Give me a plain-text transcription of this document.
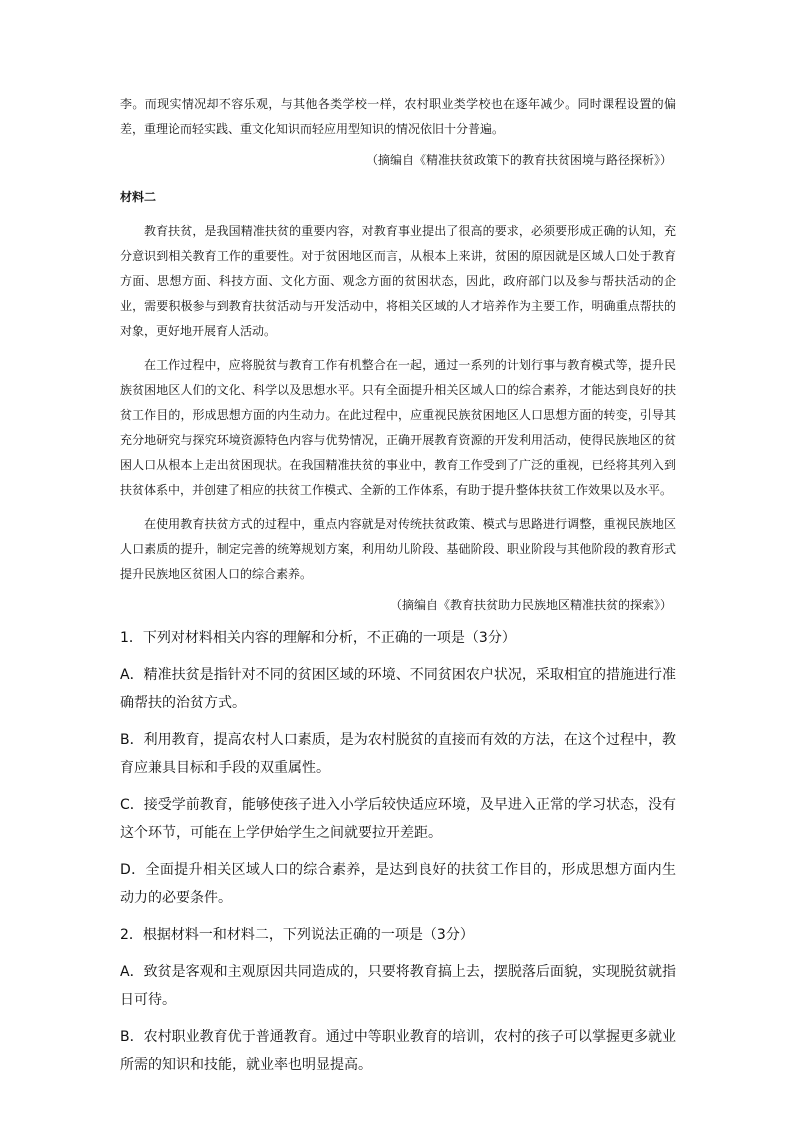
李。而现实情况却不容乐观，与其他各类学校一样，农村职业类学校也在逐年减少。同时课程设置的偏差，重理论而轻实践、重文化知识而轻应用型知识的情况依旧十分普遍。

（摘编自《精准扶贫政策下的教育扶贫困境与路径探析》）

材料二

教育扶贫，是我国精准扶贫的重要内容，对教育事业提出了很高的要求，必须要形成正确的认知，充分意识到相关教育工作的重要性。对于贫困地区而言，从根本上来讲，贫困的原因就是区域人口处于教育方面、思想方面、科技方面、文化方面、观念方面的贫困状态，因此，政府部门以及参与帮扶活动的企业，需要积极参与到教育扶贫活动与开发活动中，将相关区域的人才培养作为主要工作，明确重点帮扶的对象，更好地开展育人活动。

在工作过程中，应将脱贫与教育工作有机整合在一起，通过一系列的计划行事与教育模式等，提升民族贫困地区人们的文化、科学以及思想水平。只有全面提升相关区域人口的综合素养，才能达到良好的扶贫工作目的，形成思想方面的内生动力。在此过程中，应重视民族贫困地区人口思想方面的转变，引导其充分地研究与探究环境资源特色内容与优势情况，正确开展教育资源的开发利用活动，使得民族地区的贫困人口从根本上走出贫困现状。在我国精准扶贫的事业中，教育工作受到了广泛的重视，已经将其列入到扶贫体系中，并创建了相应的扶贫工作模式、全新的工作体系，有助于提升整体扶贫工作效果以及水平。

在使用教育扶贫方式的过程中，重点内容就是对传统扶贫政策、模式与思路进行调整，重视民族地区人口素质的提升，制定完善的统筹规划方案，利用幼儿阶段、基础阶段、职业阶段与其他阶段的教育形式提升民族地区贫困人口的综合素养。

（摘编自《教育扶贫助力民族地区精准扶贫的探索》）

1．下列对材料相关内容的理解和分析，不正确的一项是（3分）

A．精准扶贫是指针对不同的贫困区域的环境、不同贫困农户状况，采取相宜的措施进行准确帮扶的治贫方式。

B．利用教育，提高农村人口素质，是为农村脱贫的直接而有效的方法，在这个过程中，教育应兼具目标和手段的双重属性。

C．接受学前教育，能够使孩子进入小学后较快适应环境，及早进入正常的学习状态，没有这个环节，可能在上学伊始学生之间就要拉开差距。

D．全面提升相关区域人口的综合素养，是达到良好的扶贫工作目的，形成思想方面内生动力的必要条件。

2．根据材料一和材料二，下列说法正确的一项是（3分）

A．致贫是客观和主观原因共同造成的，只要将教育搞上去，摆脱落后面貌，实现脱贫就指日可待。

B．农村职业教育优于普通教育。通过中等职业教育的培训，农村的孩子可以掌握更多就业所需的知识和技能，就业率也明显提高。
